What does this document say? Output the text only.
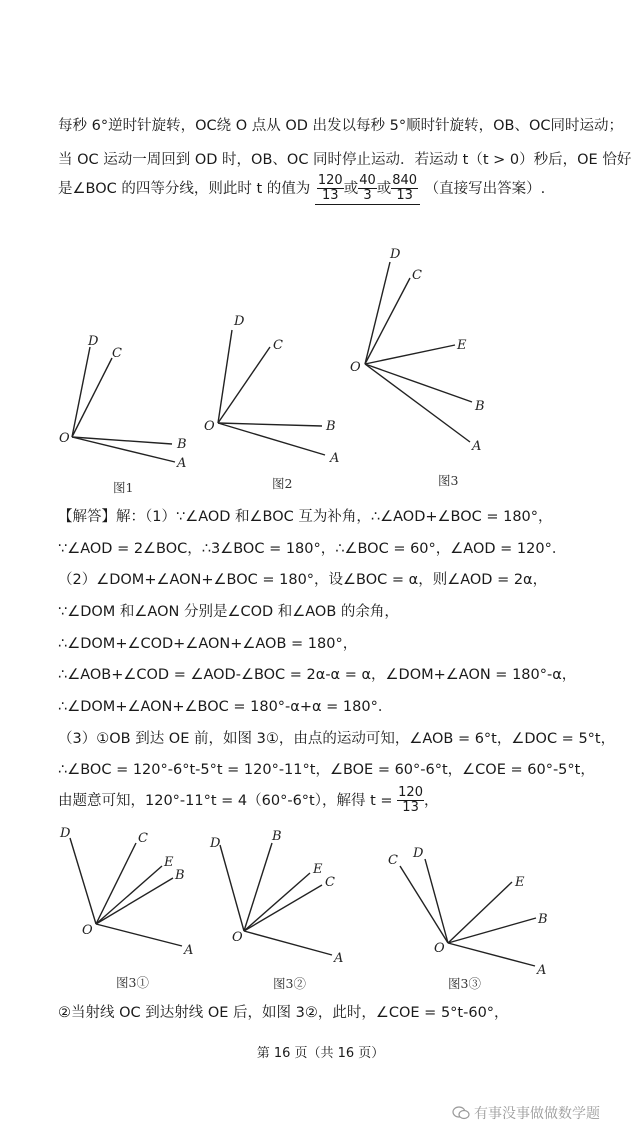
每秒 6°逆时针旋转，OC绕 O 点从 OD 出发以每秒 5°顺时针旋转，OB、OC同时运动；
当 OC 运动一周回到 OD 时，OB、OC 同时停止运动．若运动 t（t > 0）秒后，OE 恰好
是∠BOC 的四等分线，则此时 t 的值为 $\frac{120}{13}$ 或 $\frac{40}{3}$ 或 $\frac{840}{13}$ （直接写出答案）.
D
C
O	B
A
图1
D
C
O	B
A
图2
D
C
E
O
B
A
图3
【解答】解：（1）∵∠AOD 和∠BOC 互为补角，∴∠AOD+∠BOC = 180°，
∵∠AOD = 2∠BOC，∴3∠BOC = 180°，∴∠BOC = 60°，∠AOD = 120°．
（2）∠DOM+∠AON+∠BOC = 180°，设∠BOC = α，则∠AOD = 2α，
∵∠DOM 和∠AON 分别是∠COD 和∠AOB 的余角，
∴∠DOM+∠COD+∠AON+∠AOB = 180°，
∴∠AOB+∠COD = ∠AOD-∠BOC = 2α-α = α，∠DOM+∠AON = 180°-α，
∴∠DOM+∠AON+∠BOC = 180°-α+α = 180°．
（3）①OB 到达 OE 前，如图 3①，由点的运动可知，∠AOB = 6°t，∠DOC = 5°t，
∴∠BOC = 120°-6°t-5°t = 120°-11°t，∠BOE = 60°-6°t，∠COE = 60°-5°t，
由题意可知，120°-11°t = 4（60°-6°t），解得 $t = \frac{120}{13}$ ，
D	C
E
B
O
A
图3①
D	B
E
C
O
A
图3②
C D
E
B
O
A
图3③
②当射线 OC 到达射线 OE 后，如图 3②，此时，∠COE = 5°t-60°，
第 16 页（共 16 页）
有事没事做做数学题
